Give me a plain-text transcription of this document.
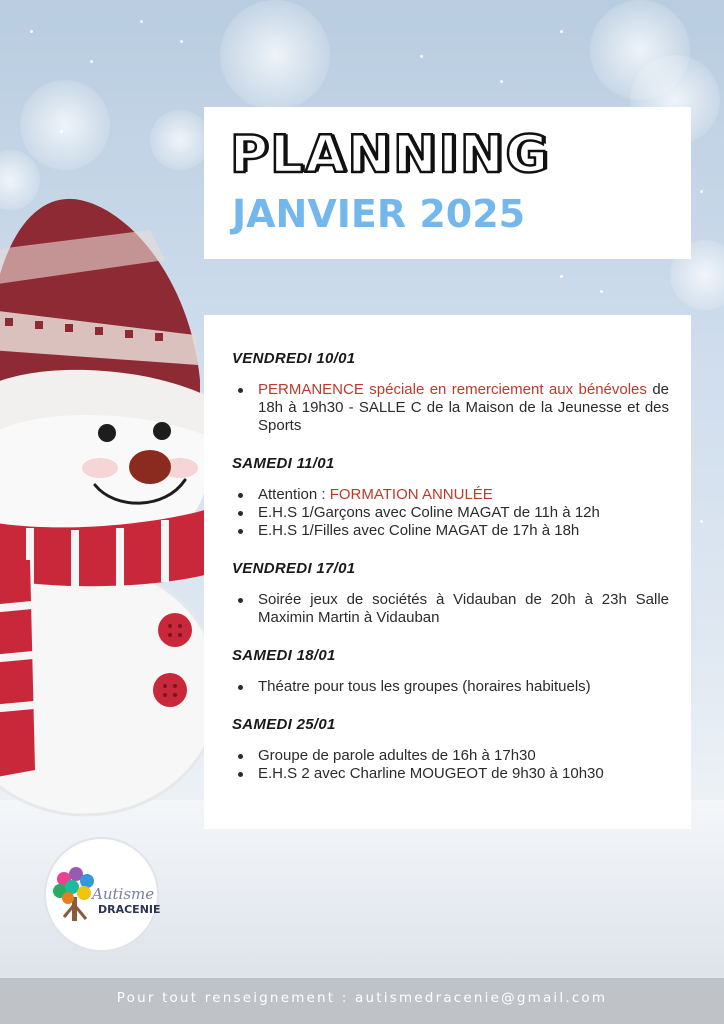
PLANNING
JANVIER 2025

VENDREDI 10/01

PERMANENCE spéciale en remerciement aux bénévoles de 18h à 19h30 - SALLE C de la Maison de la Jeunesse et des Sports

SAMEDI 11/01

Attention : FORMATION ANNULÉE
E.H.S 1/Garçons avec Coline MAGAT de 11h à 12h
E.H.S 1/Filles avec Coline MAGAT de 17h à 18h

VENDREDI 17/01

Soirée jeux de sociétés à Vidauban de 20h à 23h Salle Maximin Martin à Vidauban

SAMEDI 18/01

Théatre pour tous les groupes (horaires habituels)

SAMEDI 25/01

Groupe de parole adultes de 16h à 17h30
E.H.S 2 avec Charline MOUGEOT de 9h30 à 10h30
Autisme
DRACENIE
Pour tout renseignement : autismedracenie@gmail.com
